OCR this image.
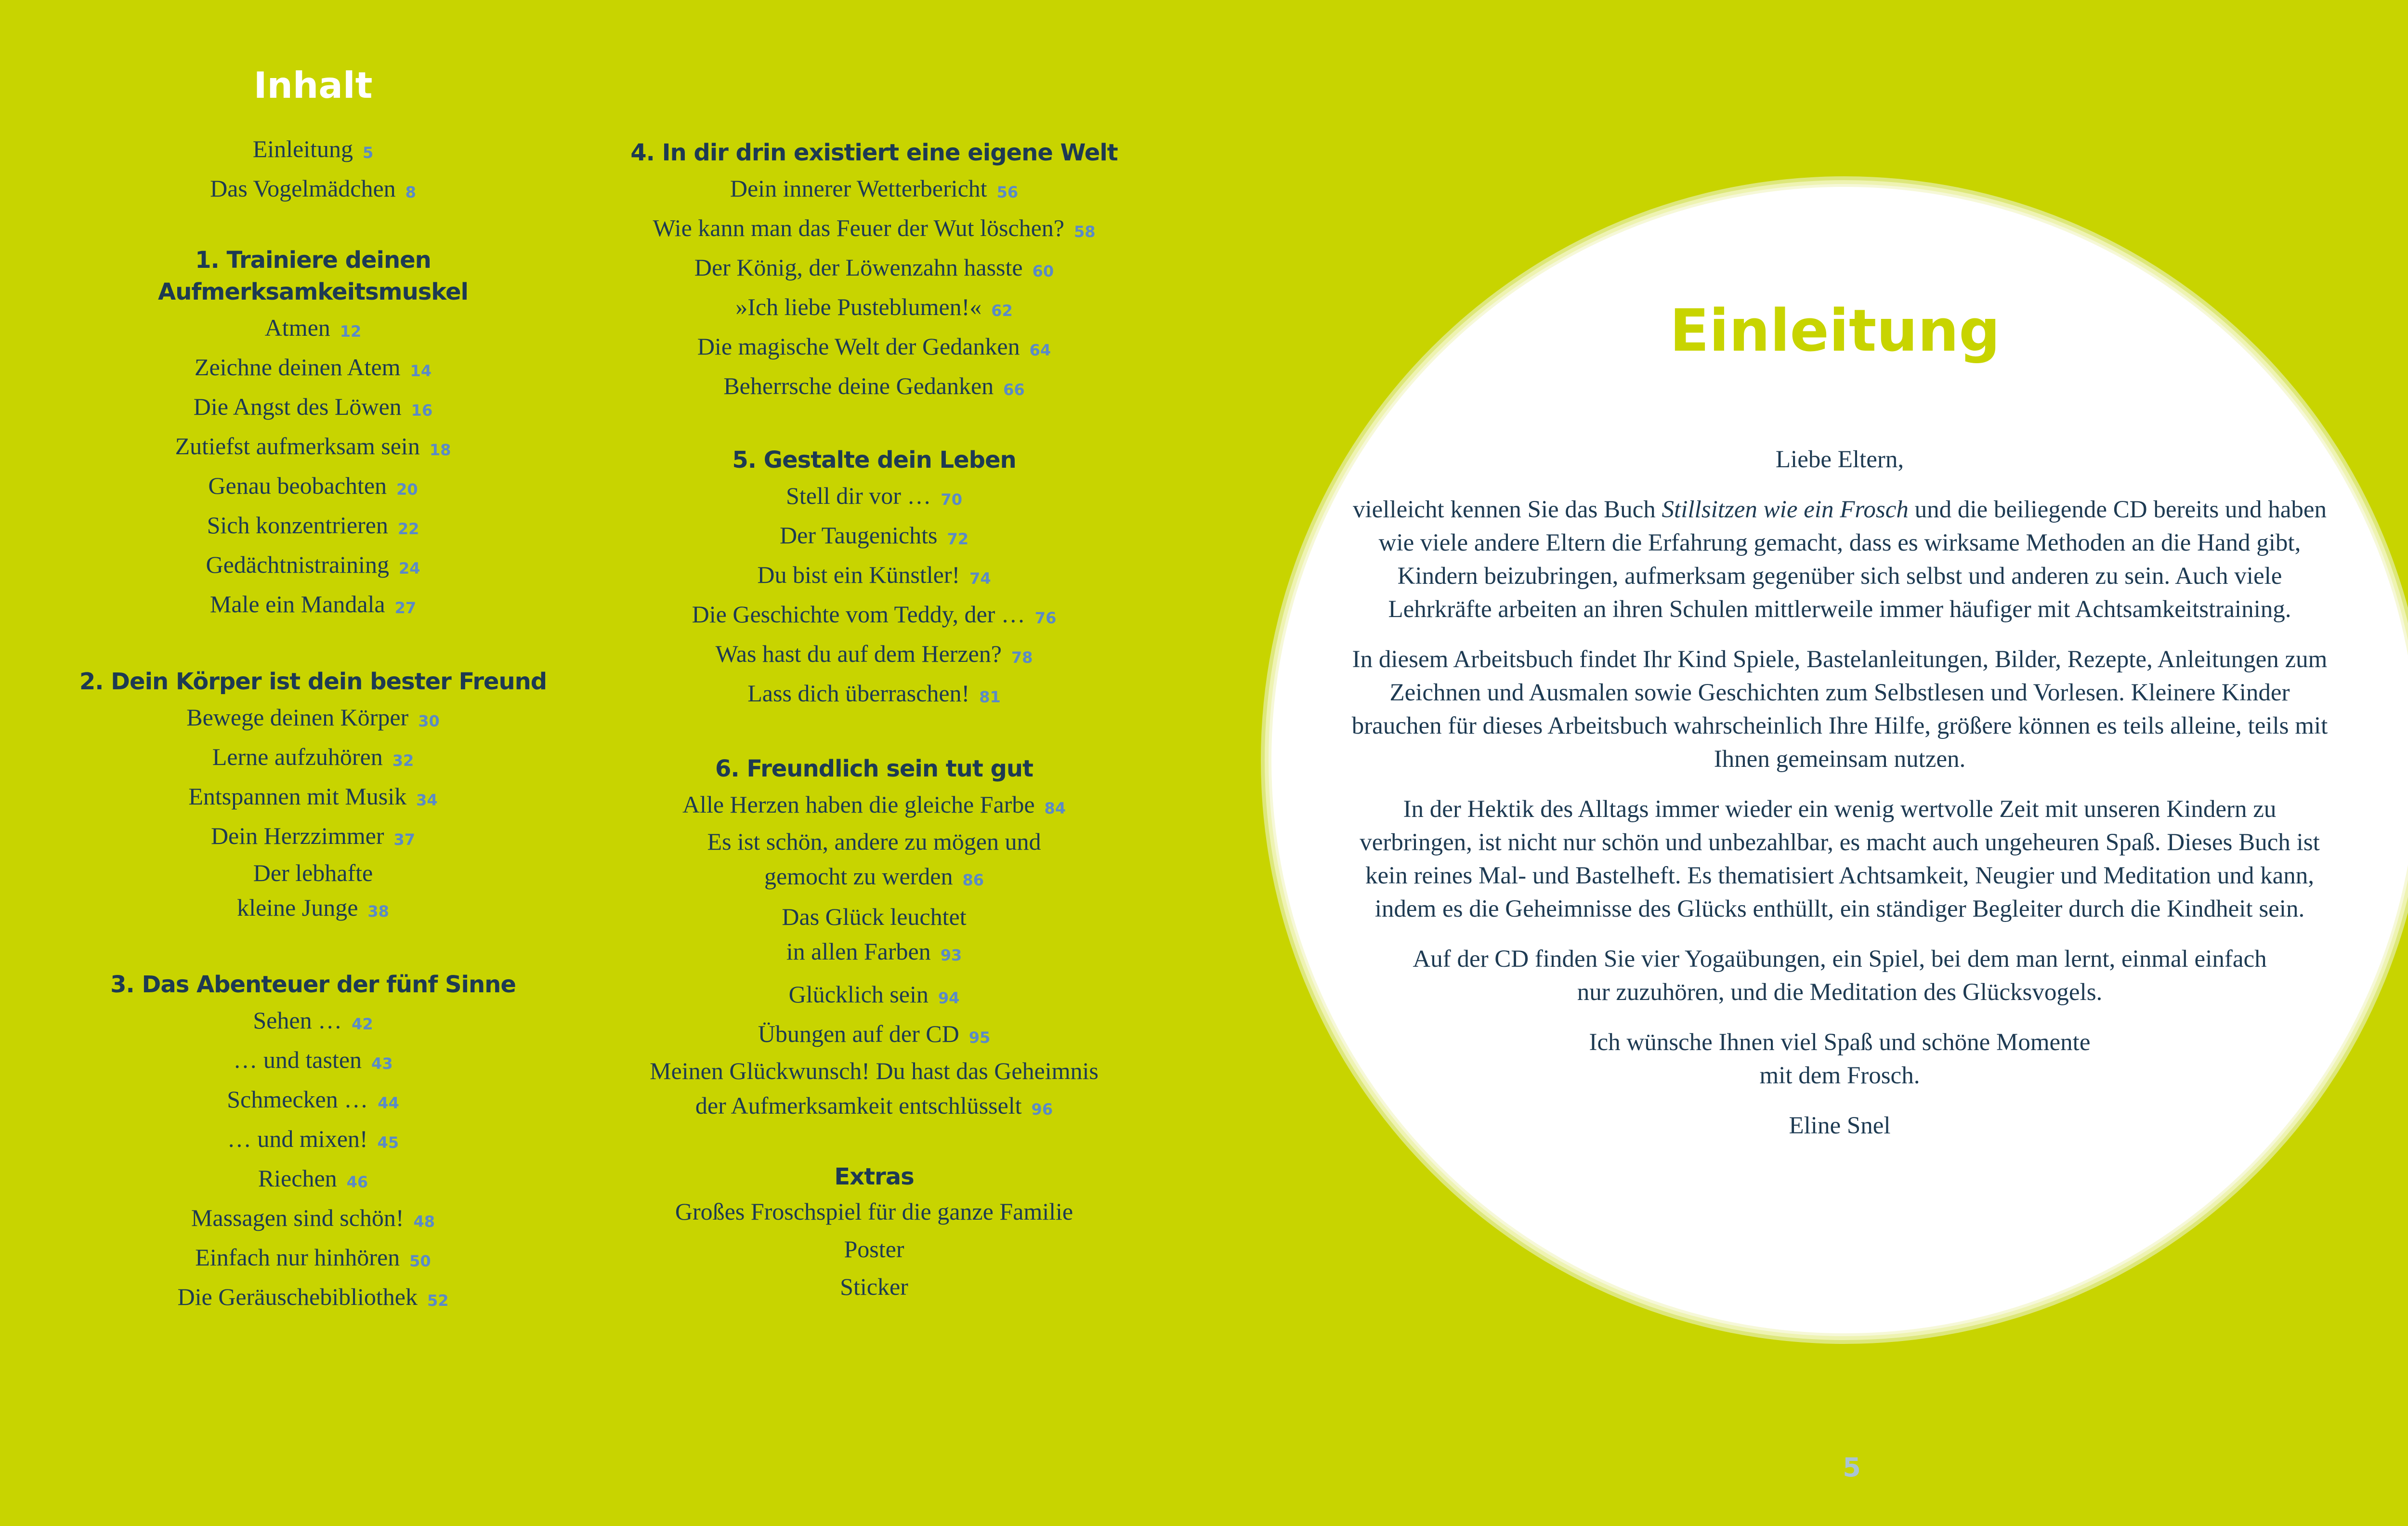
Inhalt
Einleitung 5
Das Vogelmädchen 8
1. Trainiere deinen
Aufmerksamkeitsmuskel
Atmen 12
Zeichne deinen Atem 14
Die Angst des Löwen 16
Zutiefst aufmerksam sein 18
Genau beobachten 20
Sich konzentrieren 22
Gedächtnistraining 24
Male ein Mandala 27
2. Dein Körper ist dein bester Freund
Bewege deinen Körper 30
Lerne aufzuhören 32
Entspannen mit Musik 34
Dein Herzzimmer 37
Der lebhafte
kleine Junge 38
3. Das Abenteuer der fünf Sinne
Sehen … 42
… und tasten 43
Schmecken … 44
… und mixen! 45
Riechen 46
Massagen sind schön! 48
Einfach nur hinhören 50
Die Geräuschebibliothek 52
4. In dir drin existiert eine eigene Welt
Dein innerer Wetterbericht 56
Wie kann man das Feuer der Wut löschen? 58
Der König, der Löwenzahn hasste 60
»Ich liebe Pusteblumen!« 62
Die magische Welt der Gedanken 64
Beherrsche deine Gedanken 66
5. Gestalte dein Leben
Stell dir vor … 70
Der Taugenichts 72
Du bist ein Künstler! 74
Die Geschichte vom Teddy, der … 76
Was hast du auf dem Herzen? 78
Lass dich überraschen! 81
6. Freundlich sein tut gut
Alle Herzen haben die gleiche Farbe 84
Es ist schön, andere zu mögen und
gemocht zu werden 86
Das Glück leuchtet
in allen Farben 93
Glücklich sein 94
Übungen auf der CD 95
Meinen Glückwunsch! Du hast das Geheimnis
der Aufmerksamkeit entschlüsselt 96
Extras
Großes Froschspiel für die ganze Familie
Poster
Sticker
Einleitung

Liebe Eltern,

vielleicht kennen Sie das Buch Stillsitzen wie ein Frosch und die beiliegende CD bereits und haben wie viele andere Eltern die Erfahrung gemacht, dass es wirksame Methoden an die Hand gibt, Kindern beizubringen, aufmerksam gegenüber sich selbst und anderen zu sein. Auch viele Lehrkräfte arbeiten an ihren Schulen mittlerweile immer häufiger mit Achtsamkeitstraining.

In diesem Arbeitsbuch findet Ihr Kind Spiele, Bastelanleitungen, Bilder, Rezepte, Anleitungen zum Zeichnen und Ausmalen sowie Geschichten zum Selbstlesen und Vorlesen. Kleinere Kinder brauchen für dieses Arbeitsbuch wahrscheinlich Ihre Hilfe, größere können es teils alleine, teils mit Ihnen gemeinsam nutzen.

In der Hektik des Alltags immer wieder ein wenig wertvolle Zeit mit unseren Kindern zu verbringen, ist nicht nur schön und unbezahlbar, es macht auch ungeheuren Spaß. Dieses Buch ist kein reines Mal- und Bastelheft. Es thematisiert Achtsamkeit, Neugier und Meditation und kann, indem es die Geheimnisse des Glücks enthüllt, ein ständiger Begleiter durch die Kindheit sein.

Auf der CD finden Sie vier Yogaübungen, ein Spiel, bei dem man lernt, einmal einfach nur zuzuhören, und die Meditation des Glücksvogels.

Ich wünsche Ihnen viel Spaß und schöne Momente mit dem Frosch.

Eline Snel

5
